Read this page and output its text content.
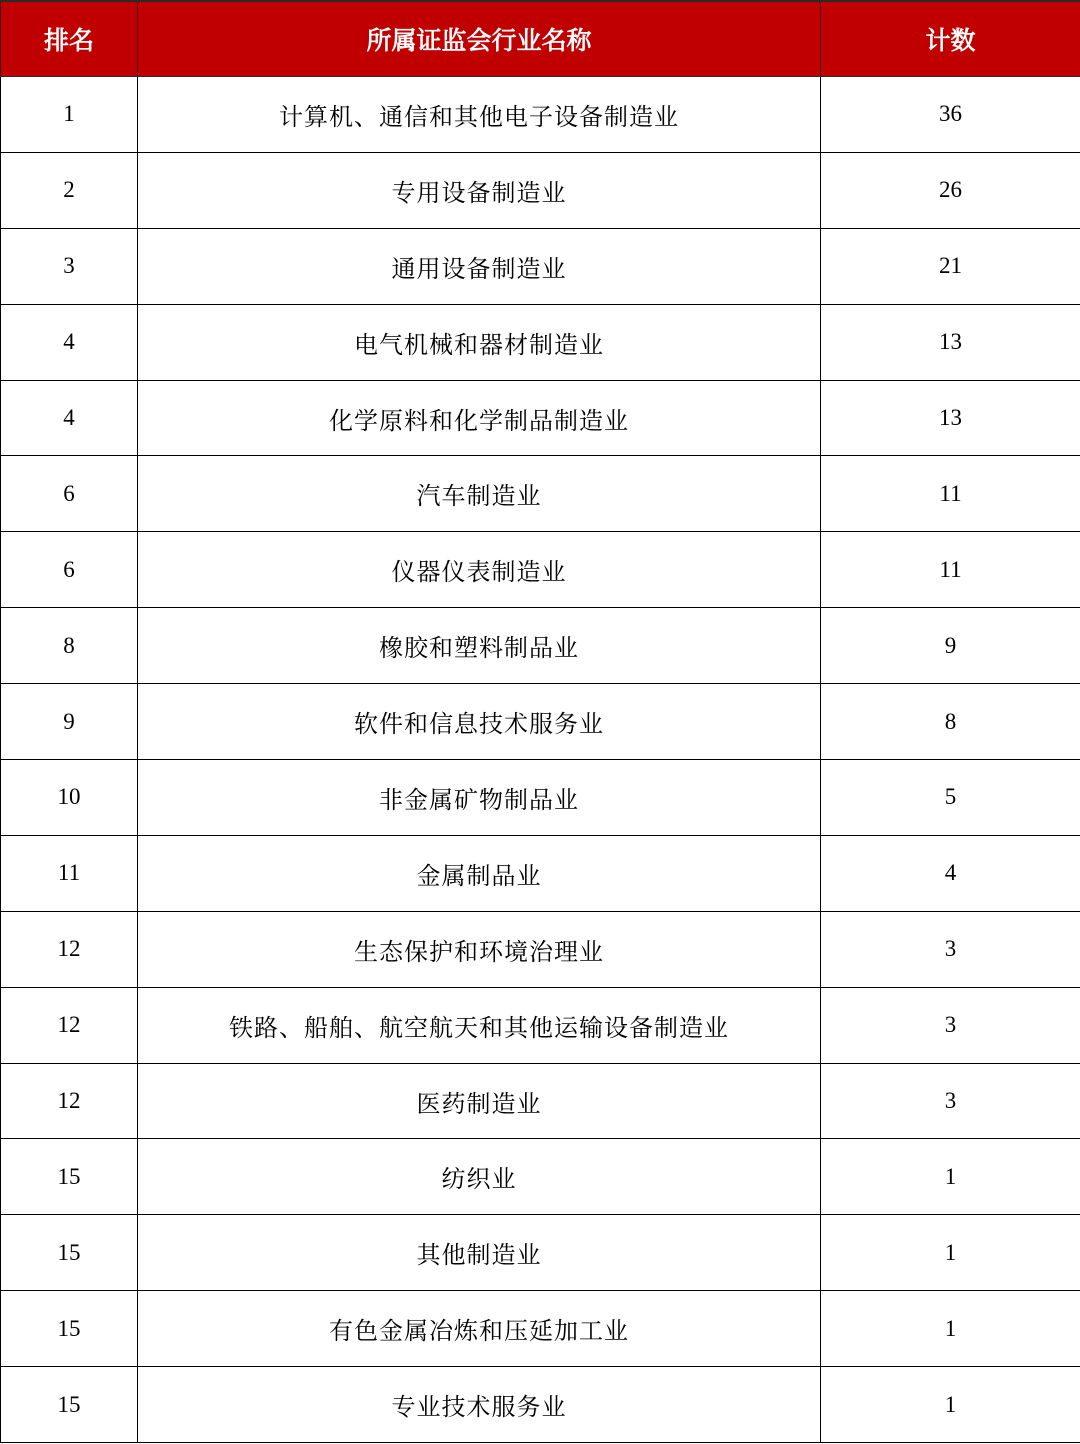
排名	所属证监会行业名称	计数
1	计算机、通信和其他电子设备制造业	36
2	专用设备制造业	26
3	通用设备制造业	21
4	电气机械和器材制造业	13
4	化学原料和化学制品制造业	13
6	汽车制造业	11
6	仪器仪表制造业	11
8	橡胶和塑料制品业	9
9	软件和信息技术服务业	8
10	非金属矿物制品业	5
11	金属制品业	4
12	生态保护和环境治理业	3
12	铁路、船舶、航空航天和其他运输设备制造业	3
12	医药制造业	3
15	纺织业	1
15	其他制造业	1
15	有色金属冶炼和压延加工业	1
15	专业技术服务业	1
